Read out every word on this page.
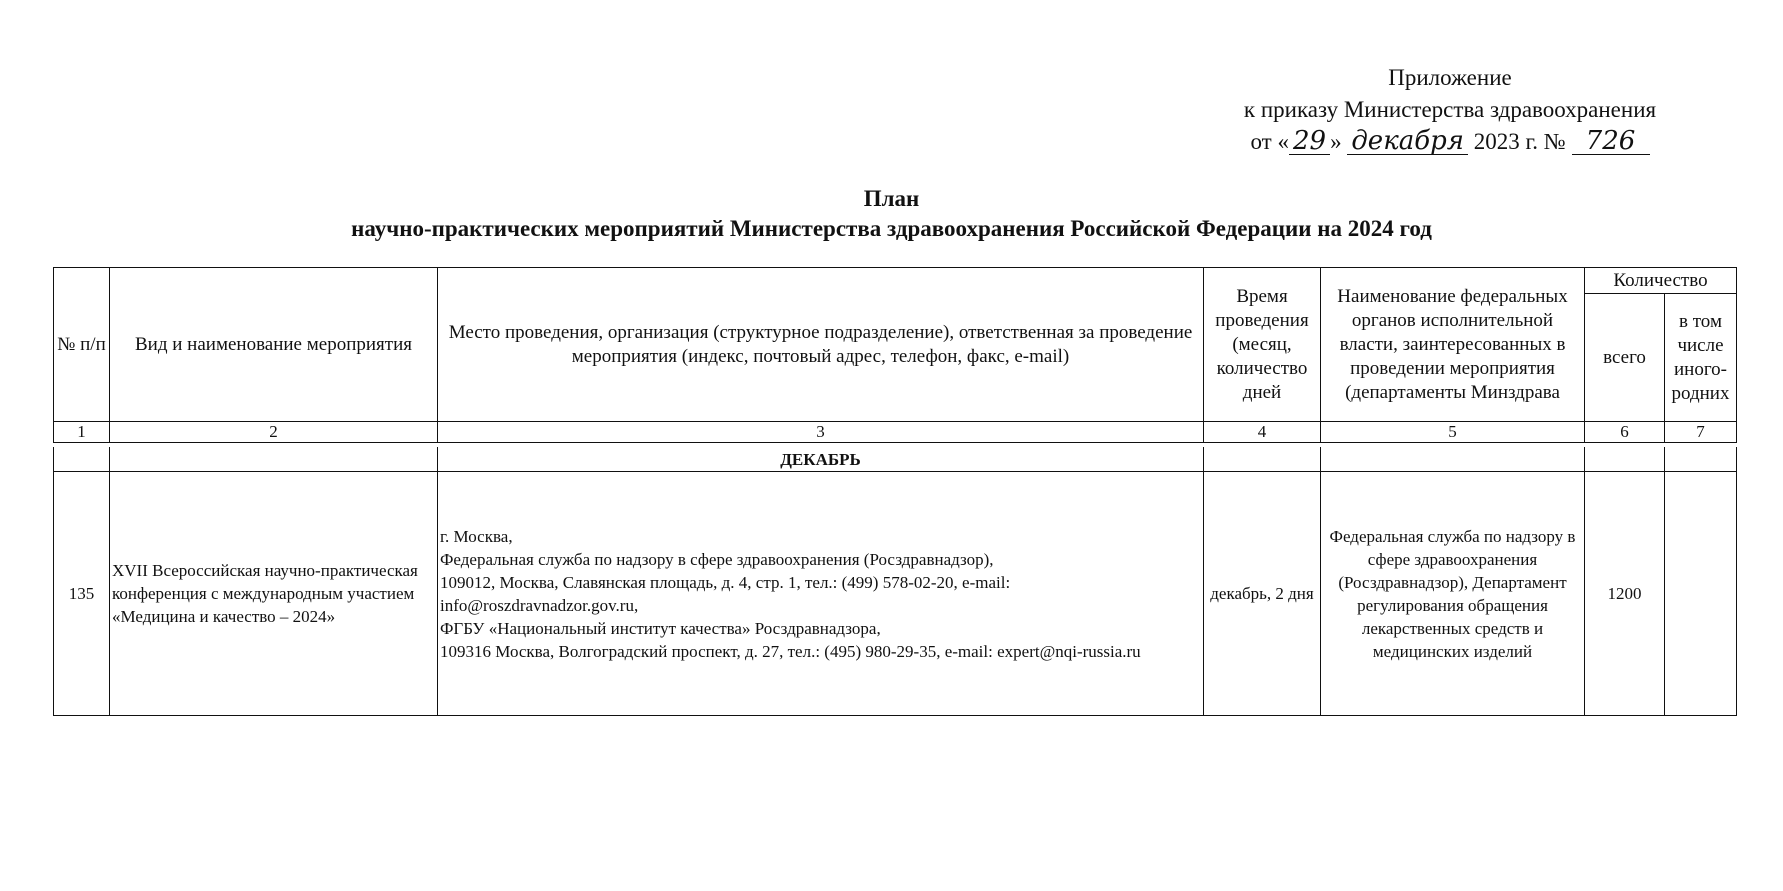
Приложение
к приказу Министерства здравоохранения
от « 29 » декабря 2023 г. № 726
План
научно-практических мероприятий Министерства здравоохранения Российской Федерации на 2024 год
№ п/п	Вид и наименование мероприятия	Место проведения, организация (структурное подразделение), ответственная за проведение мероприятия (индекс, почтовый адрес, телефон, факс, e-mail)	Время проведения (месяц, количество дней	Наименование федеральных органов исполнительной власти, заинтересованных в проведении мероприятия (департаменты Минздрава	Количество	
					всего	в том числе иного-родних
1	2	3	4	5	6	7
		ДЕКАБРЬ				
135	XVII Всероссийская научно-практическая конференция с международным участием «Медицина и качество – 2024»	г. Москва,
Федеральная служба по надзору в сфере здравоохранения (Росздравнадзор),
109012, Москва, Славянская площадь, д. 4, стр. 1, тел.: (499) 578-02-20, e-mail: info@roszdravnadzor.gov.ru,
ФГБУ «Национальный институт качества» Росздравнадзора,
109316 Москва, Волгоградский проспект, д. 27, тел.: (495) 980-29-35, e-mail: expert@nqi-russia.ru	декабрь, 2 дня	Федеральная служба по надзору в сфере здравоохранения (Росздравнадзор), Департамент регулирования обращения лекарственных средств и медицинских изделий	1200	
